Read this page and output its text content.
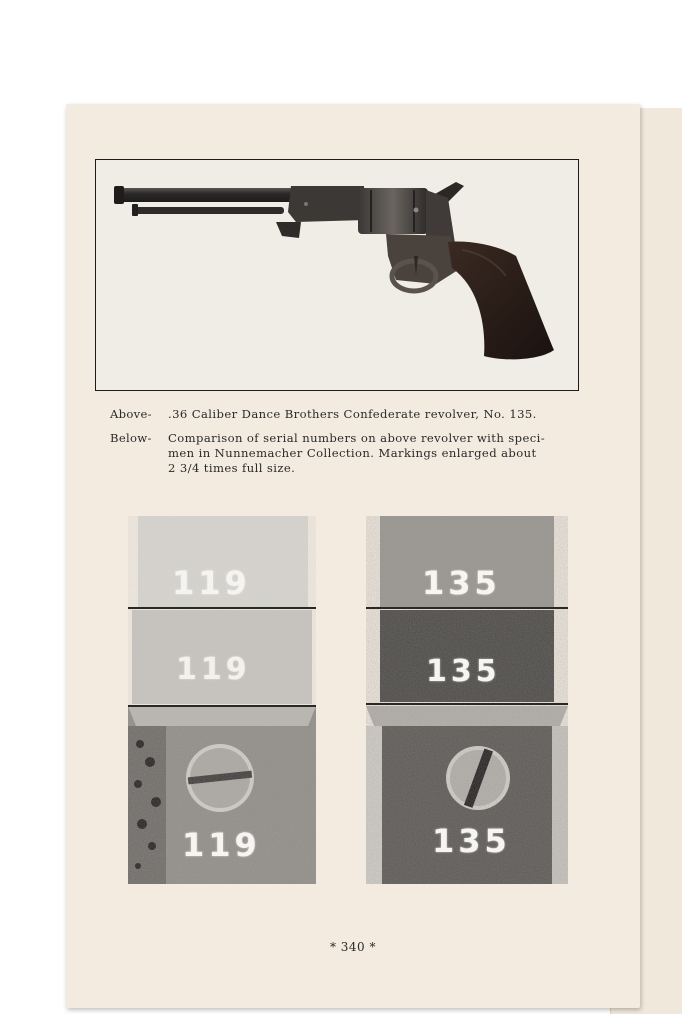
Above-	.36 Caliber Dance Brothers Confederate revolver, No. 135.
Below-	Comparison of serial numbers on above revolver with speci-
men in Nunnemacher Collection. Markings enlarged about
2 3/4 times full size.
119
119
119
135
135
135
* 340 *
